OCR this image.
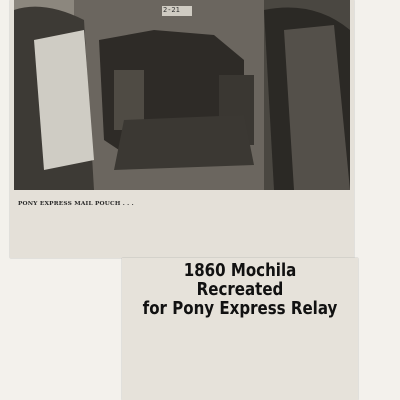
2-21

PONY EXPRESS MAIL POUCH . . .

1860 Mochila Recreated
for Pony Express Relay
